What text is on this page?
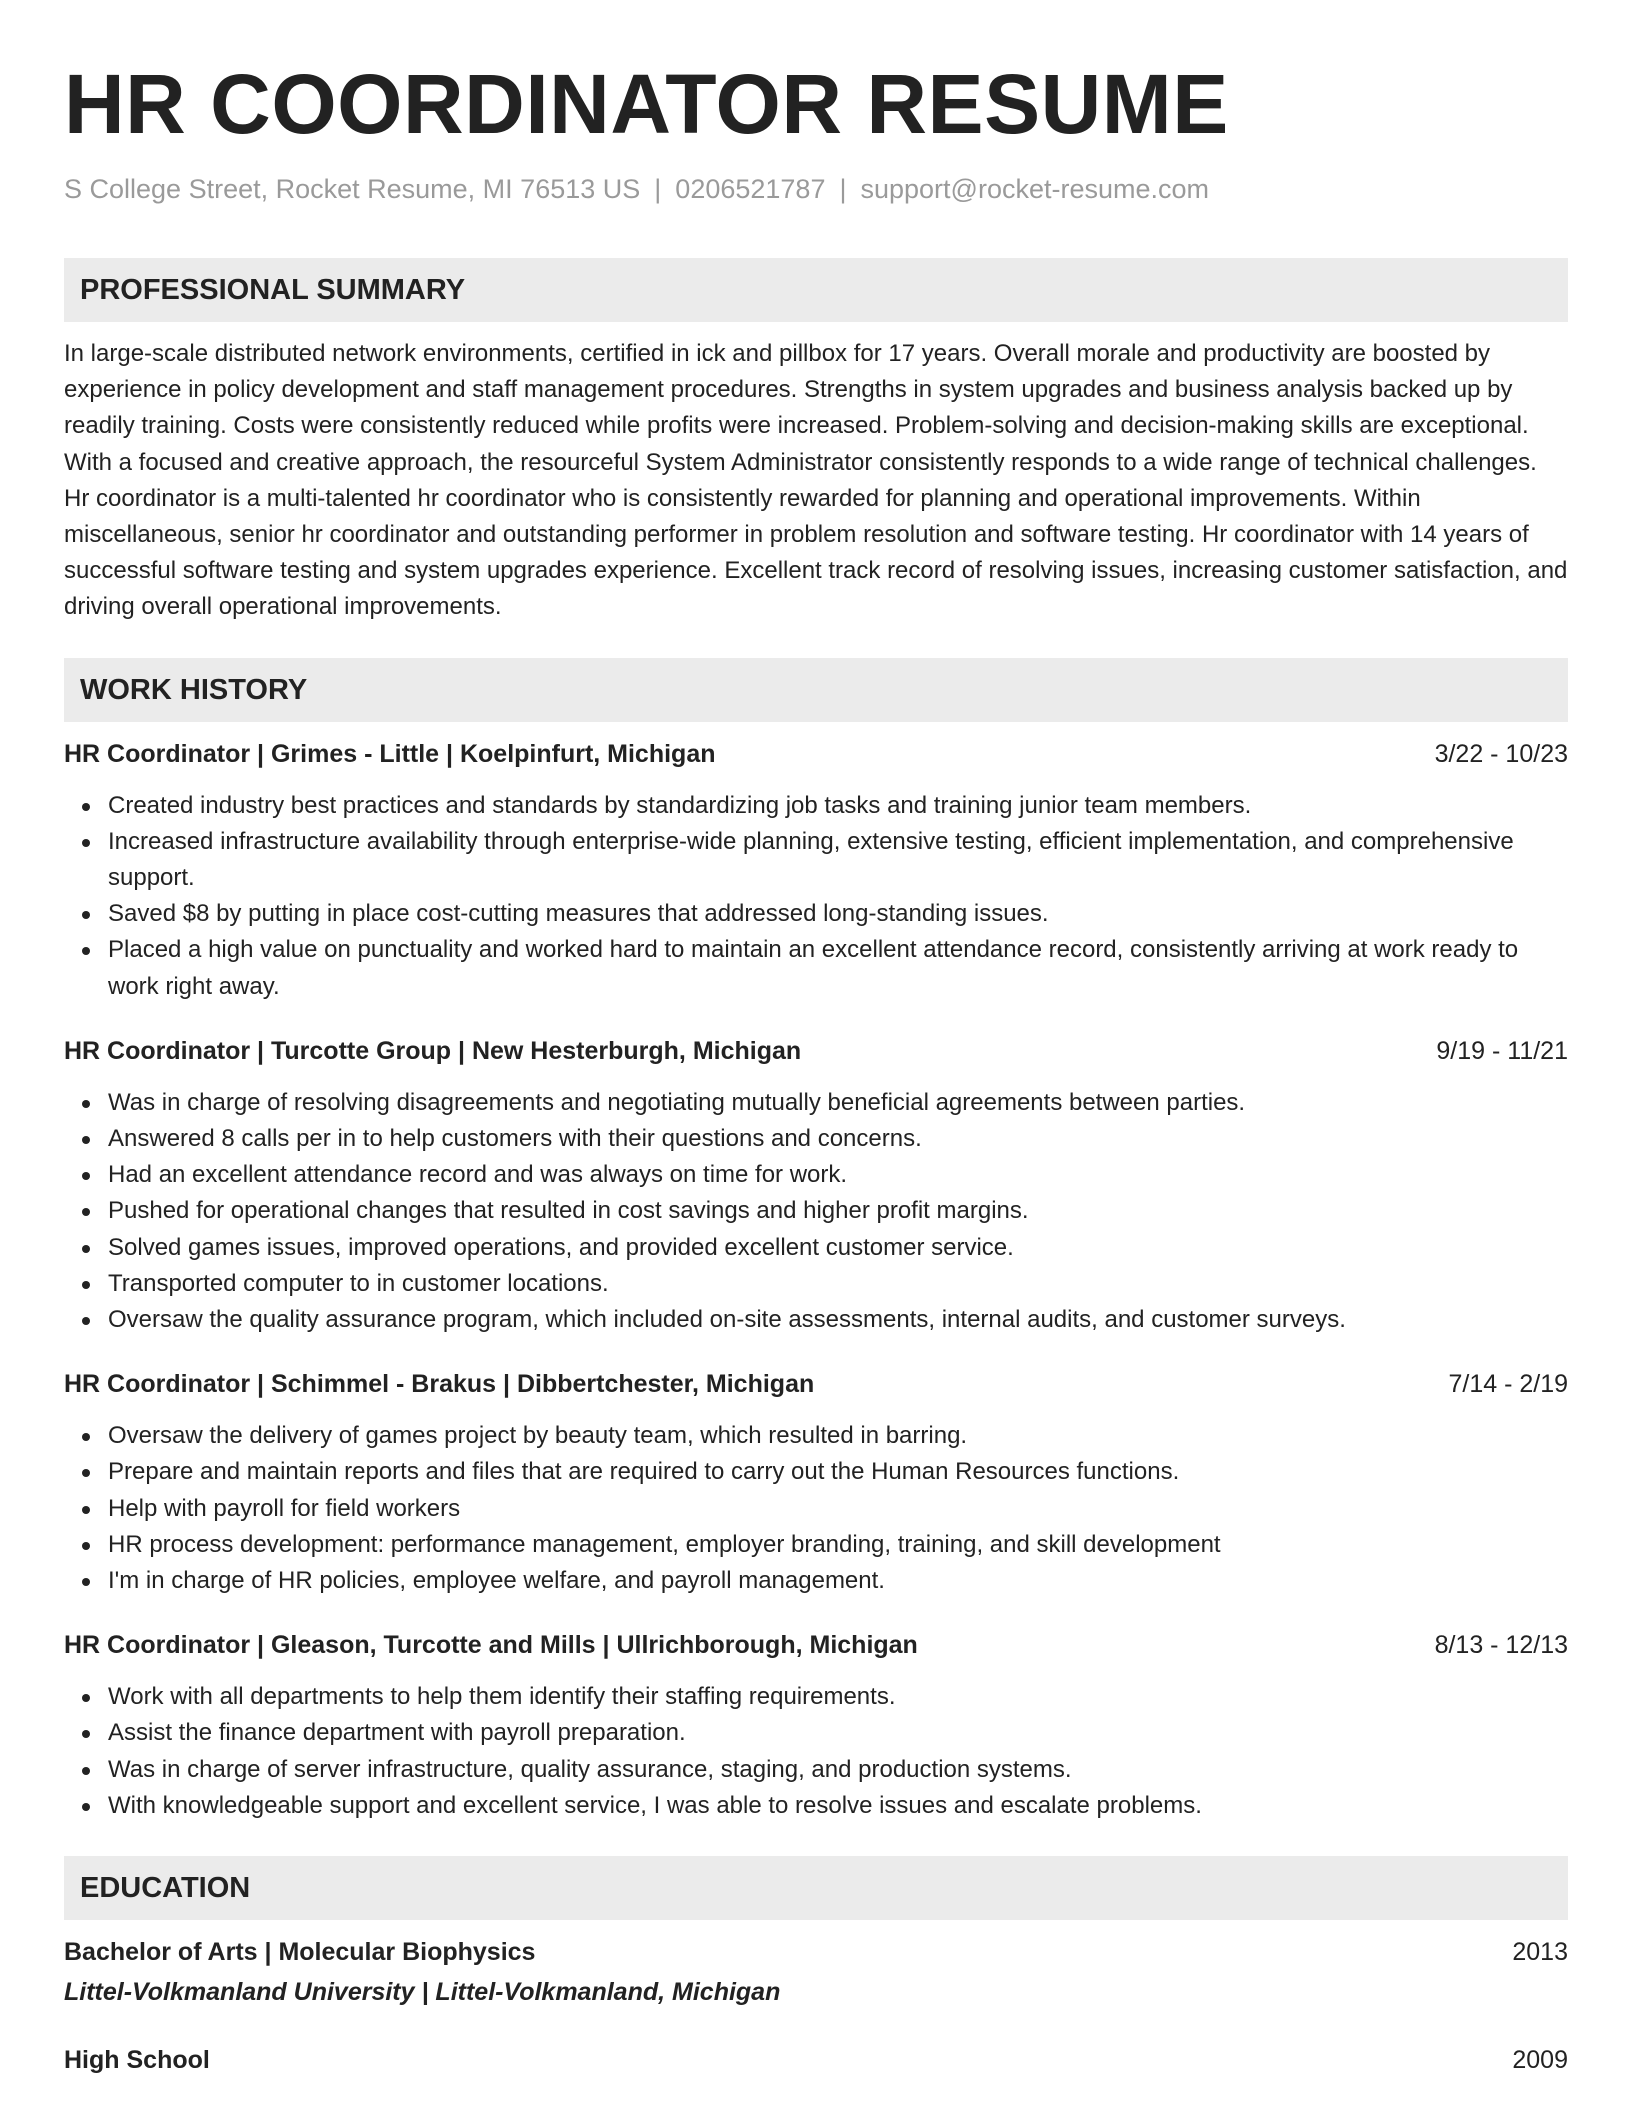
HR COORDINATOR RESUME
S College Street, Rocket Resume, MI 76513 US | 0206521787 | support@rocket-resume.com
PROFESSIONAL SUMMARY
In large-scale distributed network environments, certified in ick and pillbox for 17 years. Overall morale and productivity are boosted by experience in policy development and staff management procedures. Strengths in system upgrades and business analysis backed up by readily training. Costs were consistently reduced while profits were increased. Problem-solving and decision-making skills are exceptional. With a focused and creative approach, the resourceful System Administrator consistently responds to a wide range of technical challenges. Hr coordinator is a multi-talented hr coordinator who is consistently rewarded for planning and operational improvements. Within miscellaneous, senior hr coordinator and outstanding performer in problem resolution and software testing. Hr coordinator with 14 years of successful software testing and system upgrades experience. Excellent track record of resolving issues, increasing customer satisfaction, and driving overall operational improvements.
WORK HISTORY
HR Coordinator | Grimes - Little | Koelpinfurt, Michigan	3/22 - 10/23
Created industry best practices and standards by standardizing job tasks and training junior team members.
Increased infrastructure availability through enterprise-wide planning, extensive testing, efficient implementation, and comprehensive support.
Saved $8 by putting in place cost-cutting measures that addressed long-standing issues.
Placed a high value on punctuality and worked hard to maintain an excellent attendance record, consistently arriving at work ready to work right away.
HR Coordinator | Turcotte Group | New Hesterburgh, Michigan	9/19 - 11/21
Was in charge of resolving disagreements and negotiating mutually beneficial agreements between parties.
Answered 8 calls per in to help customers with their questions and concerns.
Had an excellent attendance record and was always on time for work.
Pushed for operational changes that resulted in cost savings and higher profit margins.
Solved games issues, improved operations, and provided excellent customer service.
Transported computer to in customer locations.
Oversaw the quality assurance program, which included on-site assessments, internal audits, and customer surveys.
HR Coordinator | Schimmel - Brakus | Dibbertchester, Michigan	7/14 - 2/19
Oversaw the delivery of games project by beauty team, which resulted in barring.
Prepare and maintain reports and files that are required to carry out the Human Resources functions.
Help with payroll for field workers
HR process development: performance management, employer branding, training, and skill development
I'm in charge of HR policies, employee welfare, and payroll management.
HR Coordinator | Gleason, Turcotte and Mills | Ullrichborough, Michigan	8/13 - 12/13
Work with all departments to help them identify their staffing requirements.
Assist the finance department with payroll preparation.
Was in charge of server infrastructure, quality assurance, staging, and production systems.
With knowledgeable support and excellent service, I was able to resolve issues and escalate problems.
EDUCATION
Bachelor of Arts | Molecular Biophysics	2013
Littel-Volkmanland University | Littel-Volkmanland, Michigan
High School	2009
